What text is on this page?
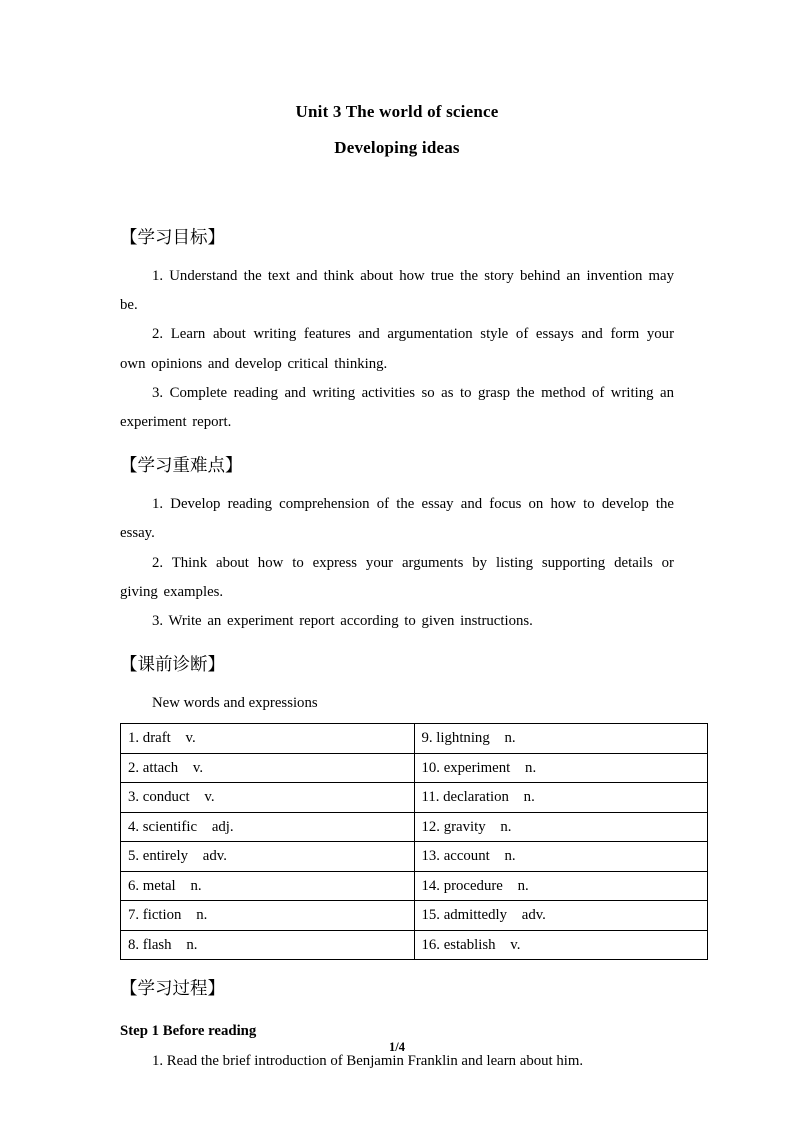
Unit 3 The world of science
Developing ideas
【学习目标】

1. Understand the text and think about how true the story behind an invention may be.

2. Learn about writing features and argumentation style of essays and form your own opinions and develop critical thinking.

3. Complete reading and writing activities so as to grasp the method of writing an experiment report.

【学习重难点】

1. Develop reading comprehension of the essay and focus on how to develop the essay.

2. Think about how to express your arguments by listing supporting details or giving examples.

3. Write an experiment report according to given instructions.

【课前诊断】

New words and expressions

1. draft    v.	9. lightning    n.
2. attach    v.	10. experiment    n.
3. conduct    v.	11. declaration    n.
4. scientific    adj.	12. gravity    n.
5. entirely    adv.	13. account    n.
6. metal    n.	14. procedure    n.
7. fiction    n.	15. admittedly    adv.
8. flash    n.	16. establish    v.
【学习过程】

Step 1 Before reading

1. Read the brief introduction of Benjamin Franklin and learn about him.

1/4
